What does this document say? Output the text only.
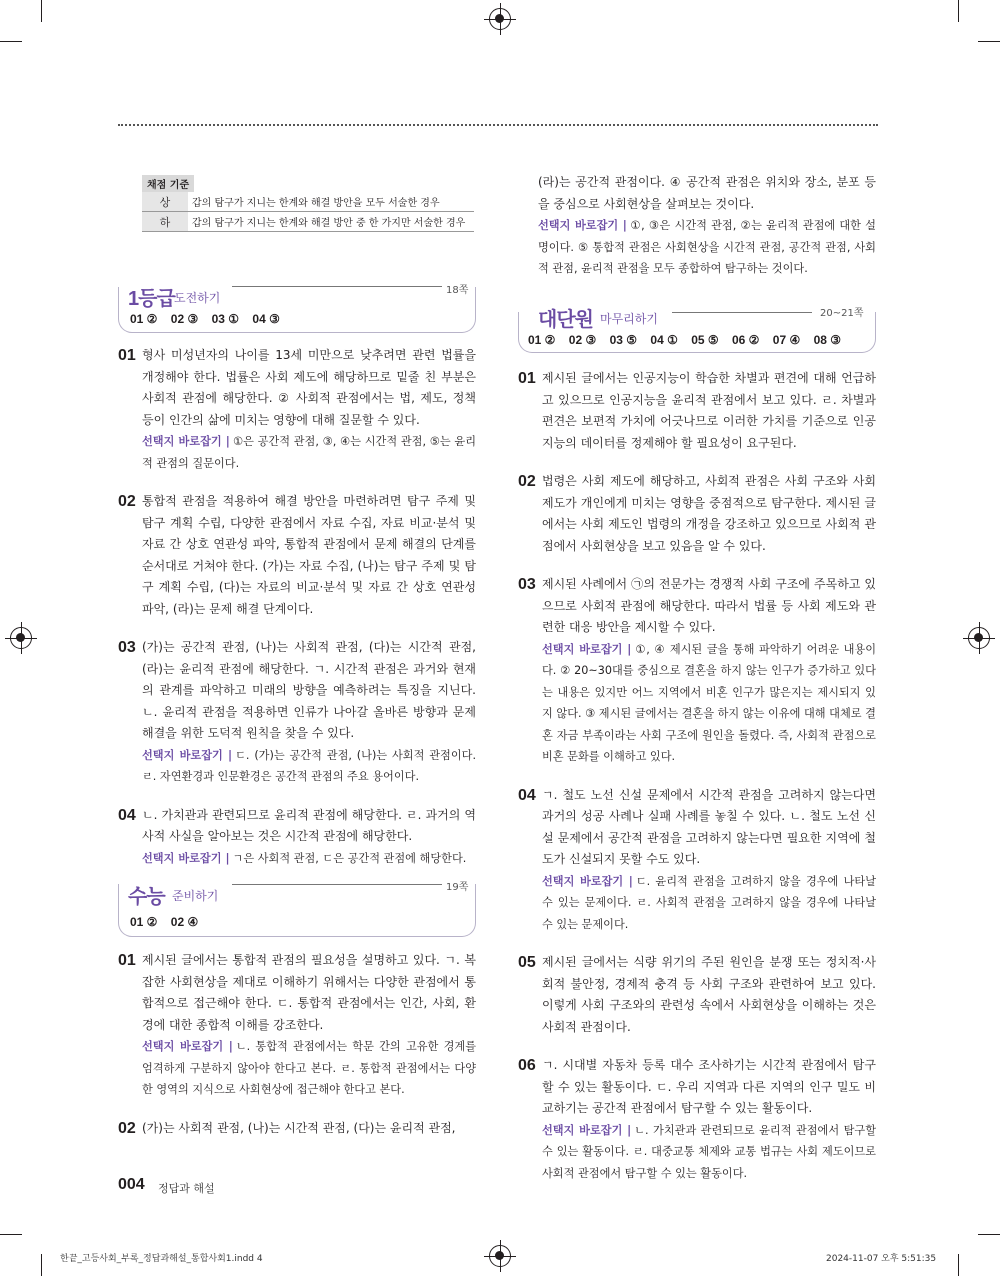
채점 기준
상	갑의 탐구가 지니는 한계와 해결 방안을 모두 서술한 경우
하	갑의 탐구가 지니는 한계와 해결 방안 중 한 가지만 서술한 경우
1등급 도전하기
18쪽
01 ② 02 ③ 03 ① 04 ③
01 형사 미성년자의 나이를 13세 미만으로 낮추려면 관련 법률을 개정해야 한다. 법률은 사회 제도에 해당하므로 밑줄 친 부분은 사회적 관점에 해당한다. ② 사회적 관점에서는 법, 제도, 정책 등이 인간의 삶에 미치는 영향에 대해 질문할 수 있다.
선택지 바로잡기 | ①은 공간적 관점, ③, ④는 시간적 관점, ⑤는 윤리적 관점의 질문이다.
02 통합적 관점을 적용하여 해결 방안을 마련하려면 탐구 주제 및 탐구 계획 수립, 다양한 관점에서 자료 수집, 자료 비교·분석 및 자료 간 상호 연관성 파악, 통합적 관점에서 문제 해결의 단계를 순서대로 거쳐야 한다. (가)는 자료 수집, (나)는 탐구 주제 및 탐구 계획 수립, (다)는 자료의 비교·분석 및 자료 간 상호 연관성 파악, (라)는 문제 해결 단계이다.
03 (가)는 공간적 관점, (나)는 사회적 관점, (다)는 시간적 관점, (라)는 윤리적 관점에 해당한다. ㄱ. 시간적 관점은 과거와 현재의 관계를 파악하고 미래의 방향을 예측하려는 특징을 지닌다. ㄴ. 윤리적 관점을 적용하면 인류가 나아갈 올바른 방향과 문제 해결을 위한 도덕적 원칙을 찾을 수 있다.
선택지 바로잡기 | ㄷ. (가)는 공간적 관점, (나)는 사회적 관점이다. ㄹ. 자연환경과 인문환경은 공간적 관점의 주요 용어이다.
04 ㄴ. 가치관과 관련되므로 윤리적 관점에 해당한다. ㄹ. 과거의 역사적 사실을 알아보는 것은 시간적 관점에 해당한다.
선택지 바로잡기 | ㄱ은 사회적 관점, ㄷ은 공간적 관점에 해당한다.
수능 준비하기
19쪽
01 ② 02 ④
01 제시된 글에서는 통합적 관점의 필요성을 설명하고 있다. ㄱ. 복잡한 사회현상을 제대로 이해하기 위해서는 다양한 관점에서 통합적으로 접근해야 한다. ㄷ. 통합적 관점에서는 인간, 사회, 환경에 대한 종합적 이해를 강조한다.
선택지 바로잡기 | ㄴ. 통합적 관점에서는 학문 간의 고유한 경계를 엄격하게 구분하지 않아야 한다고 본다. ㄹ. 통합적 관점에서는 다양한 영역의 지식으로 사회현상에 접근해야 한다고 본다.
02 (가)는 사회적 관점, (나)는 시간적 관점, (다)는 윤리적 관점,
(라)는 공간적 관점이다. ④ 공간적 관점은 위치와 장소, 분포 등을 중심으로 사회현상을 살펴보는 것이다.
선택지 바로잡기 | ①, ③은 시간적 관점, ②는 윤리적 관점에 대한 설명이다. ⑤ 통합적 관점은 사회현상을 시간적 관점, 공간적 관점, 사회적 관점, 윤리적 관점을 모두 종합하여 탐구하는 것이다.
대단원 마무리하기	20~21쪽
01 ② 02 ③ 03 ⑤ 04 ① 05 ⑤ 06 ② 07 ④ 08 ③
01 제시된 글에서는 인공지능이 학습한 차별과 편견에 대해 언급하고 있으므로 인공지능을 윤리적 관점에서 보고 있다. ㄹ. 차별과 편견은 보편적 가치에 어긋나므로 이러한 가치를 기준으로 인공지능의 데이터를 정제해야 할 필요성이 요구된다.
02 법령은 사회 제도에 해당하고, 사회적 관점은 사회 구조와 사회 제도가 개인에게 미치는 영향을 중점적으로 탐구한다. 제시된 글에서는 사회 제도인 법령의 개정을 강조하고 있으므로 사회적 관점에서 사회현상을 보고 있음을 알 수 있다.
03 제시된 사례에서 ㉠의 전문가는 경쟁적 사회 구조에 주목하고 있으므로 사회적 관점에 해당한다. 따라서 법률 등 사회 제도와 관련한 대응 방안을 제시할 수 있다.
선택지 바로잡기 | ①, ④ 제시된 글을 통해 파악하기 어려운 내용이다. ② 20~30대를 중심으로 결혼을 하지 않는 인구가 증가하고 있다는 내용은 있지만 어느 지역에서 비혼 인구가 많은지는 제시되지 있지 않다. ③ 제시된 글에서는 결혼을 하지 않는 이유에 대해 대체로 결혼 자금 부족이라는 사회 구조에 원인을 돌렸다. 즉, 사회적 관점으로 비혼 문화를 이해하고 있다.
04 ㄱ. 철도 노선 신설 문제에서 시간적 관점을 고려하지 않는다면 과거의 성공 사례나 실패 사례를 놓칠 수 있다. ㄴ. 철도 노선 신설 문제에서 공간적 관점을 고려하지 않는다면 필요한 지역에 철도가 신설되지 못할 수도 있다.
선택지 바로잡기 | ㄷ. 윤리적 관점을 고려하지 않을 경우에 나타날 수 있는 문제이다. ㄹ. 사회적 관점을 고려하지 않을 경우에 나타날 수 있는 문제이다.
05 제시된 글에서는 식량 위기의 주된 원인을 분쟁 또는 정치적·사회적 불안정, 경제적 충격 등 사회 구조와 관련하여 보고 있다. 이렇게 사회 구조와의 관련성 속에서 사회현상을 이해하는 것은 사회적 관점이다.
06 ㄱ. 시대별 자동차 등록 대수 조사하기는 시간적 관점에서 탐구할 수 있는 활동이다. ㄷ. 우리 지역과 다른 지역의 인구 밀도 비교하기는 공간적 관점에서 탐구할 수 있는 활동이다.
선택지 바로잡기 | ㄴ. 가치관과 관련되므로 윤리적 관점에서 탐구할 수 있는 활동이다. ㄹ. 대중교통 체제와 교통 법규는 사회 제도이므로 사회적 관점에서 탐구할 수 있는 활동이다.
004 정답과 해설
한끝_고등사회_부록_정답과해설_통합사회1.indd 4	2024-11-07 오후 5:51:35
